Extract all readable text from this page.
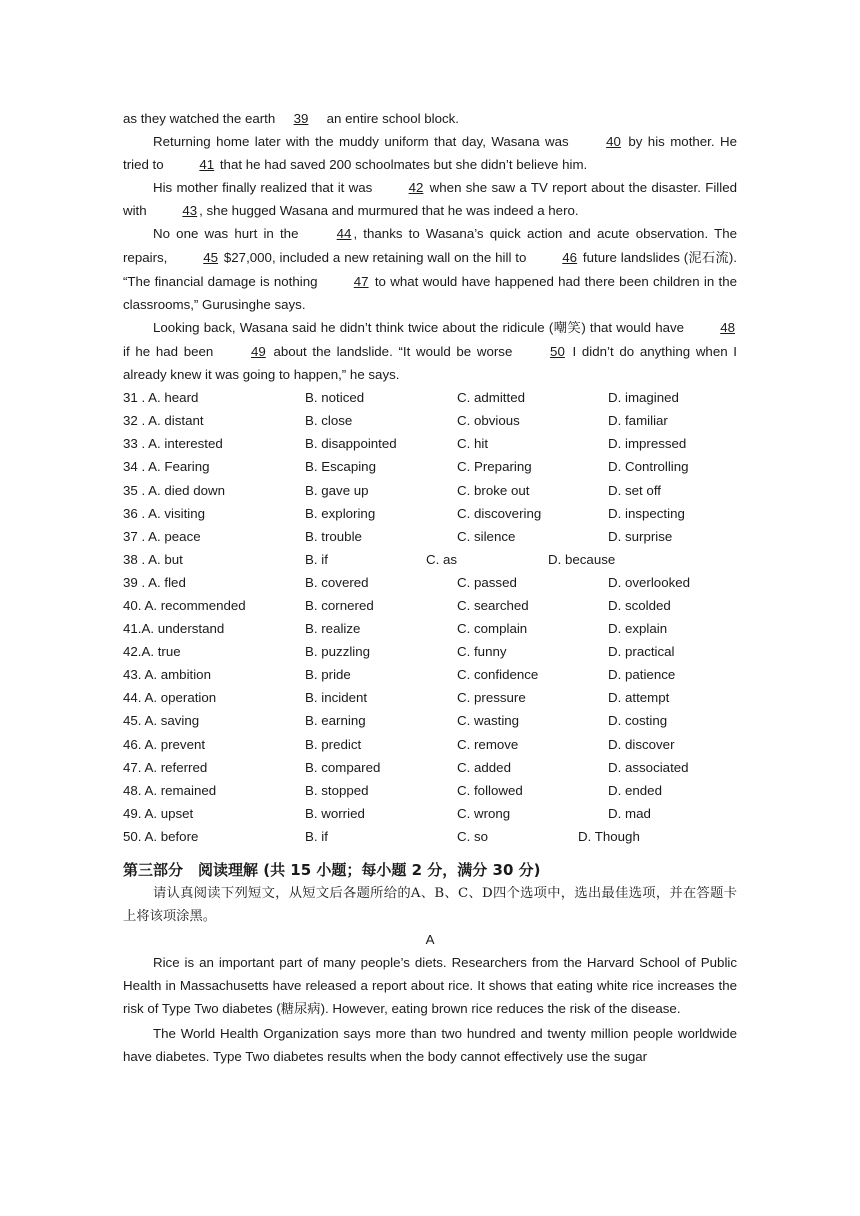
as they watched the earth 39 an entire school block.

Returning home later with the muddy uniform that day, Wasana was 40 by his mother. He tried to 41 that he had saved 200 schoolmates but she didn’t believe him.

His mother finally realized that it was 42 when she saw a TV report about the disaster. Filled with 43 , she hugged Wasana and murmured that he was indeed a hero.

No one was hurt in the 44 , thanks to Wasana’s quick action and acute observation. The repairs, 45 $27,000, included a new retaining wall on the hill to 46 future landslides (泥石流). “The financial damage is nothing 47 to what would have happened had there been children in the classrooms,” Gurusinghe says.

Looking back, Wasana said he didn’t think twice about the ridicule (嘲笑) that would have 48 if he had been 49 about the landslide. “It would be worse 50 I didn’t do anything when I already knew it was going to happen,” he says.

31 . A. heard	B. noticed	C. admitted	D. imagined
32 . A. distant	B. close	C. obvious	D. familiar
33 . A. interested	B. disappointed	C. hit	D. impressed
34 . A. Fearing	B. Escaping	C. Preparing	D. Controlling
35 . A. died down	B. gave up	C. broke out	D. set off
36 . A. visiting	B. exploring	C. discovering	D. inspecting
37 . A. peace	B. trouble	C. silence	D. surprise
38 . A. but	B. if	C. as	D. because
39 . A. fled	B. covered	C. passed	D. overlooked
40. A. recommended	B. cornered	C. searched	D. scolded
41.A. understand	B. realize	C. complain	D. explain
42.A. true	B. puzzling	C. funny	D. practical
43. A. ambition	B. pride	C. confidence	D. patience
44. A. operation	B. incident	C. pressure	D. attempt
45. A. saving	B. earning	C. wasting	D. costing
46. A. prevent	B. predict	C. remove	D. discover
47. A. referred	B. compared	C. added	D. associated
48. A. remained	B. stopped	C. followed	D. ended
49. A. upset	B. worried	C. wrong	D. mad
50. A. before	B. if	C. so	D. Though
第三部分　阅读理解 (共 15 小题；每小题 2 分，满分 30 分)

请认真阅读下列短文，从短文后各题所给的A、B、C、D四个选项中，选出最佳选项，并在答题卡上将该项涂黑。

A

Rice is an important part of many people’s diets. Researchers from the Harvard School of Public Health in Massachusetts have released a report about rice. It shows that eating white rice increases the risk of Type Two diabetes (糖尿病). However, eating brown rice reduces the risk of the disease.

The World Health Organization says more than two hundred and twenty million people worldwide have diabetes. Type Two diabetes results when the body cannot effectively use the sugar
